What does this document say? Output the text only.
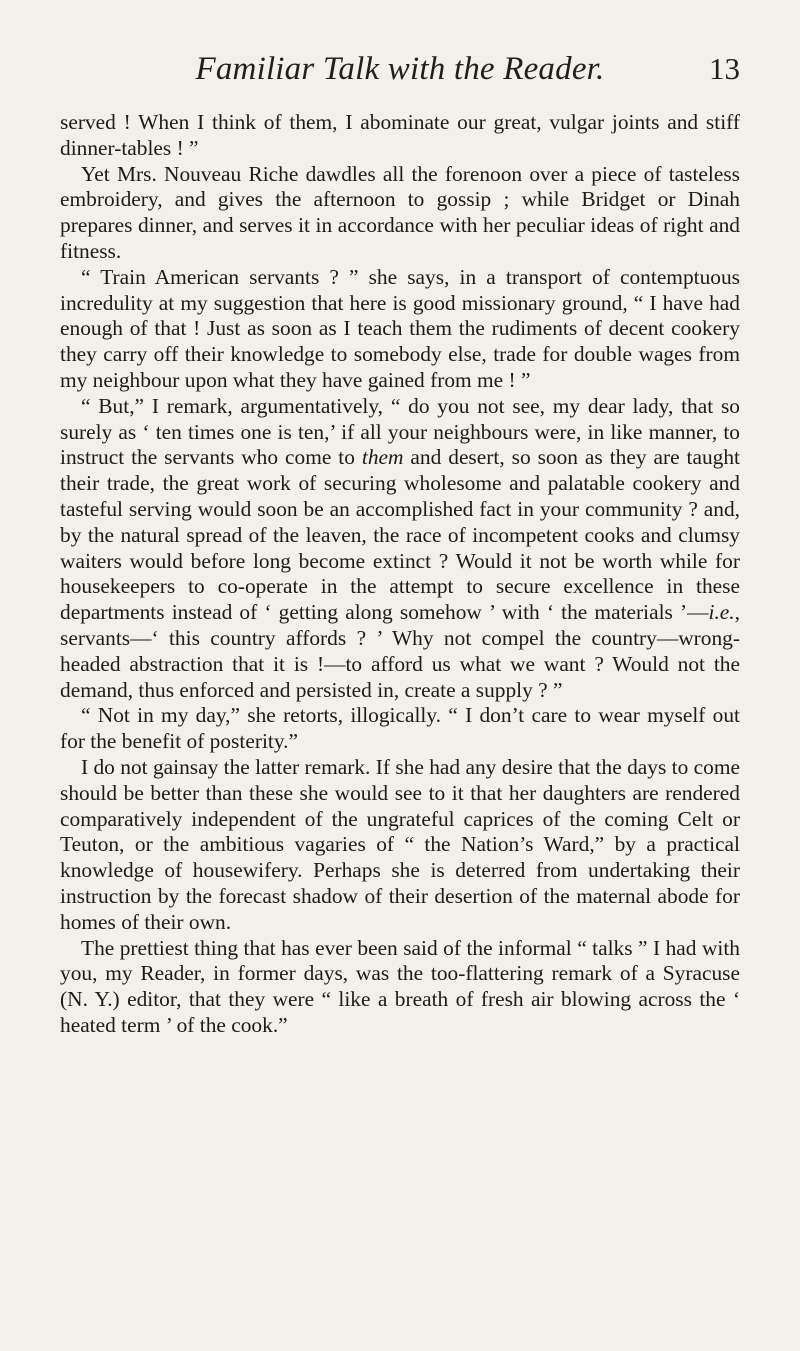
Familiar Talk with the Reader.	13

served ! When I think of them, I abominate our great, vulgar joints and stiff dinner-tables ! ”

Yet Mrs. Nouveau Riche dawdles all the forenoon over a piece of tasteless embroidery, and gives the afternoon to gossip ; while Bridget or Dinah prepares dinner, and serves it in accordance with her peculiar ideas of right and fitness.

“ Train American servants ? ” she says, in a transport of contemptuous incredulity at my suggestion that here is good missionary ground, “ I have had enough of that ! Just as soon as I teach them the rudiments of decent cookery they carry off their knowledge to somebody else, trade for double wages from my neighbour upon what they have gained from me ! ”

“ But,” I remark, argumentatively, “ do you not see, my dear lady, that so surely as ‘ ten times one is ten,’ if all your neighbours were, in like manner, to instruct the servants who come to them and desert, so soon as they are taught their trade, the great work of securing wholesome and palatable cookery and tasteful serving would soon be an accomplished fact in your community ? and, by the natural spread of the leaven, the race of incompetent cooks and clumsy waiters would before long become extinct ? Would it not be worth while for housekeepers to co-operate in the attempt to secure excellence in these departments instead of ‘ getting along somehow ’ with ‘ the materials ’—i.e., servants—‘ this country affords ? ’ Why not compel the country—wrong-headed abstraction that it is !—to afford us what we want ? Would not the demand, thus enforced and persisted in, create a supply ? ”

“ Not in my day,” she retorts, illogically. “ I don’t care to wear myself out for the benefit of posterity.”

I do not gainsay the latter remark. If she had any desire that the days to come should be better than these she would see to it that her daughters are rendered comparatively independent of the ungrateful caprices of the coming Celt or Teuton, or the ambitious vagaries of “ the Nation’s Ward,” by a practical knowledge of housewifery. Perhaps she is deterred from undertaking their instruction by the forecast shadow of their desertion of the maternal abode for homes of their own.

The prettiest thing that has ever been said of the informal “ talks ” I had with you, my Reader, in former days, was the too-flattering remark of a Syracuse (N. Y.) editor, that they were “ like a breath of fresh air blowing across the ‘ heated term ’ of the cook.”
